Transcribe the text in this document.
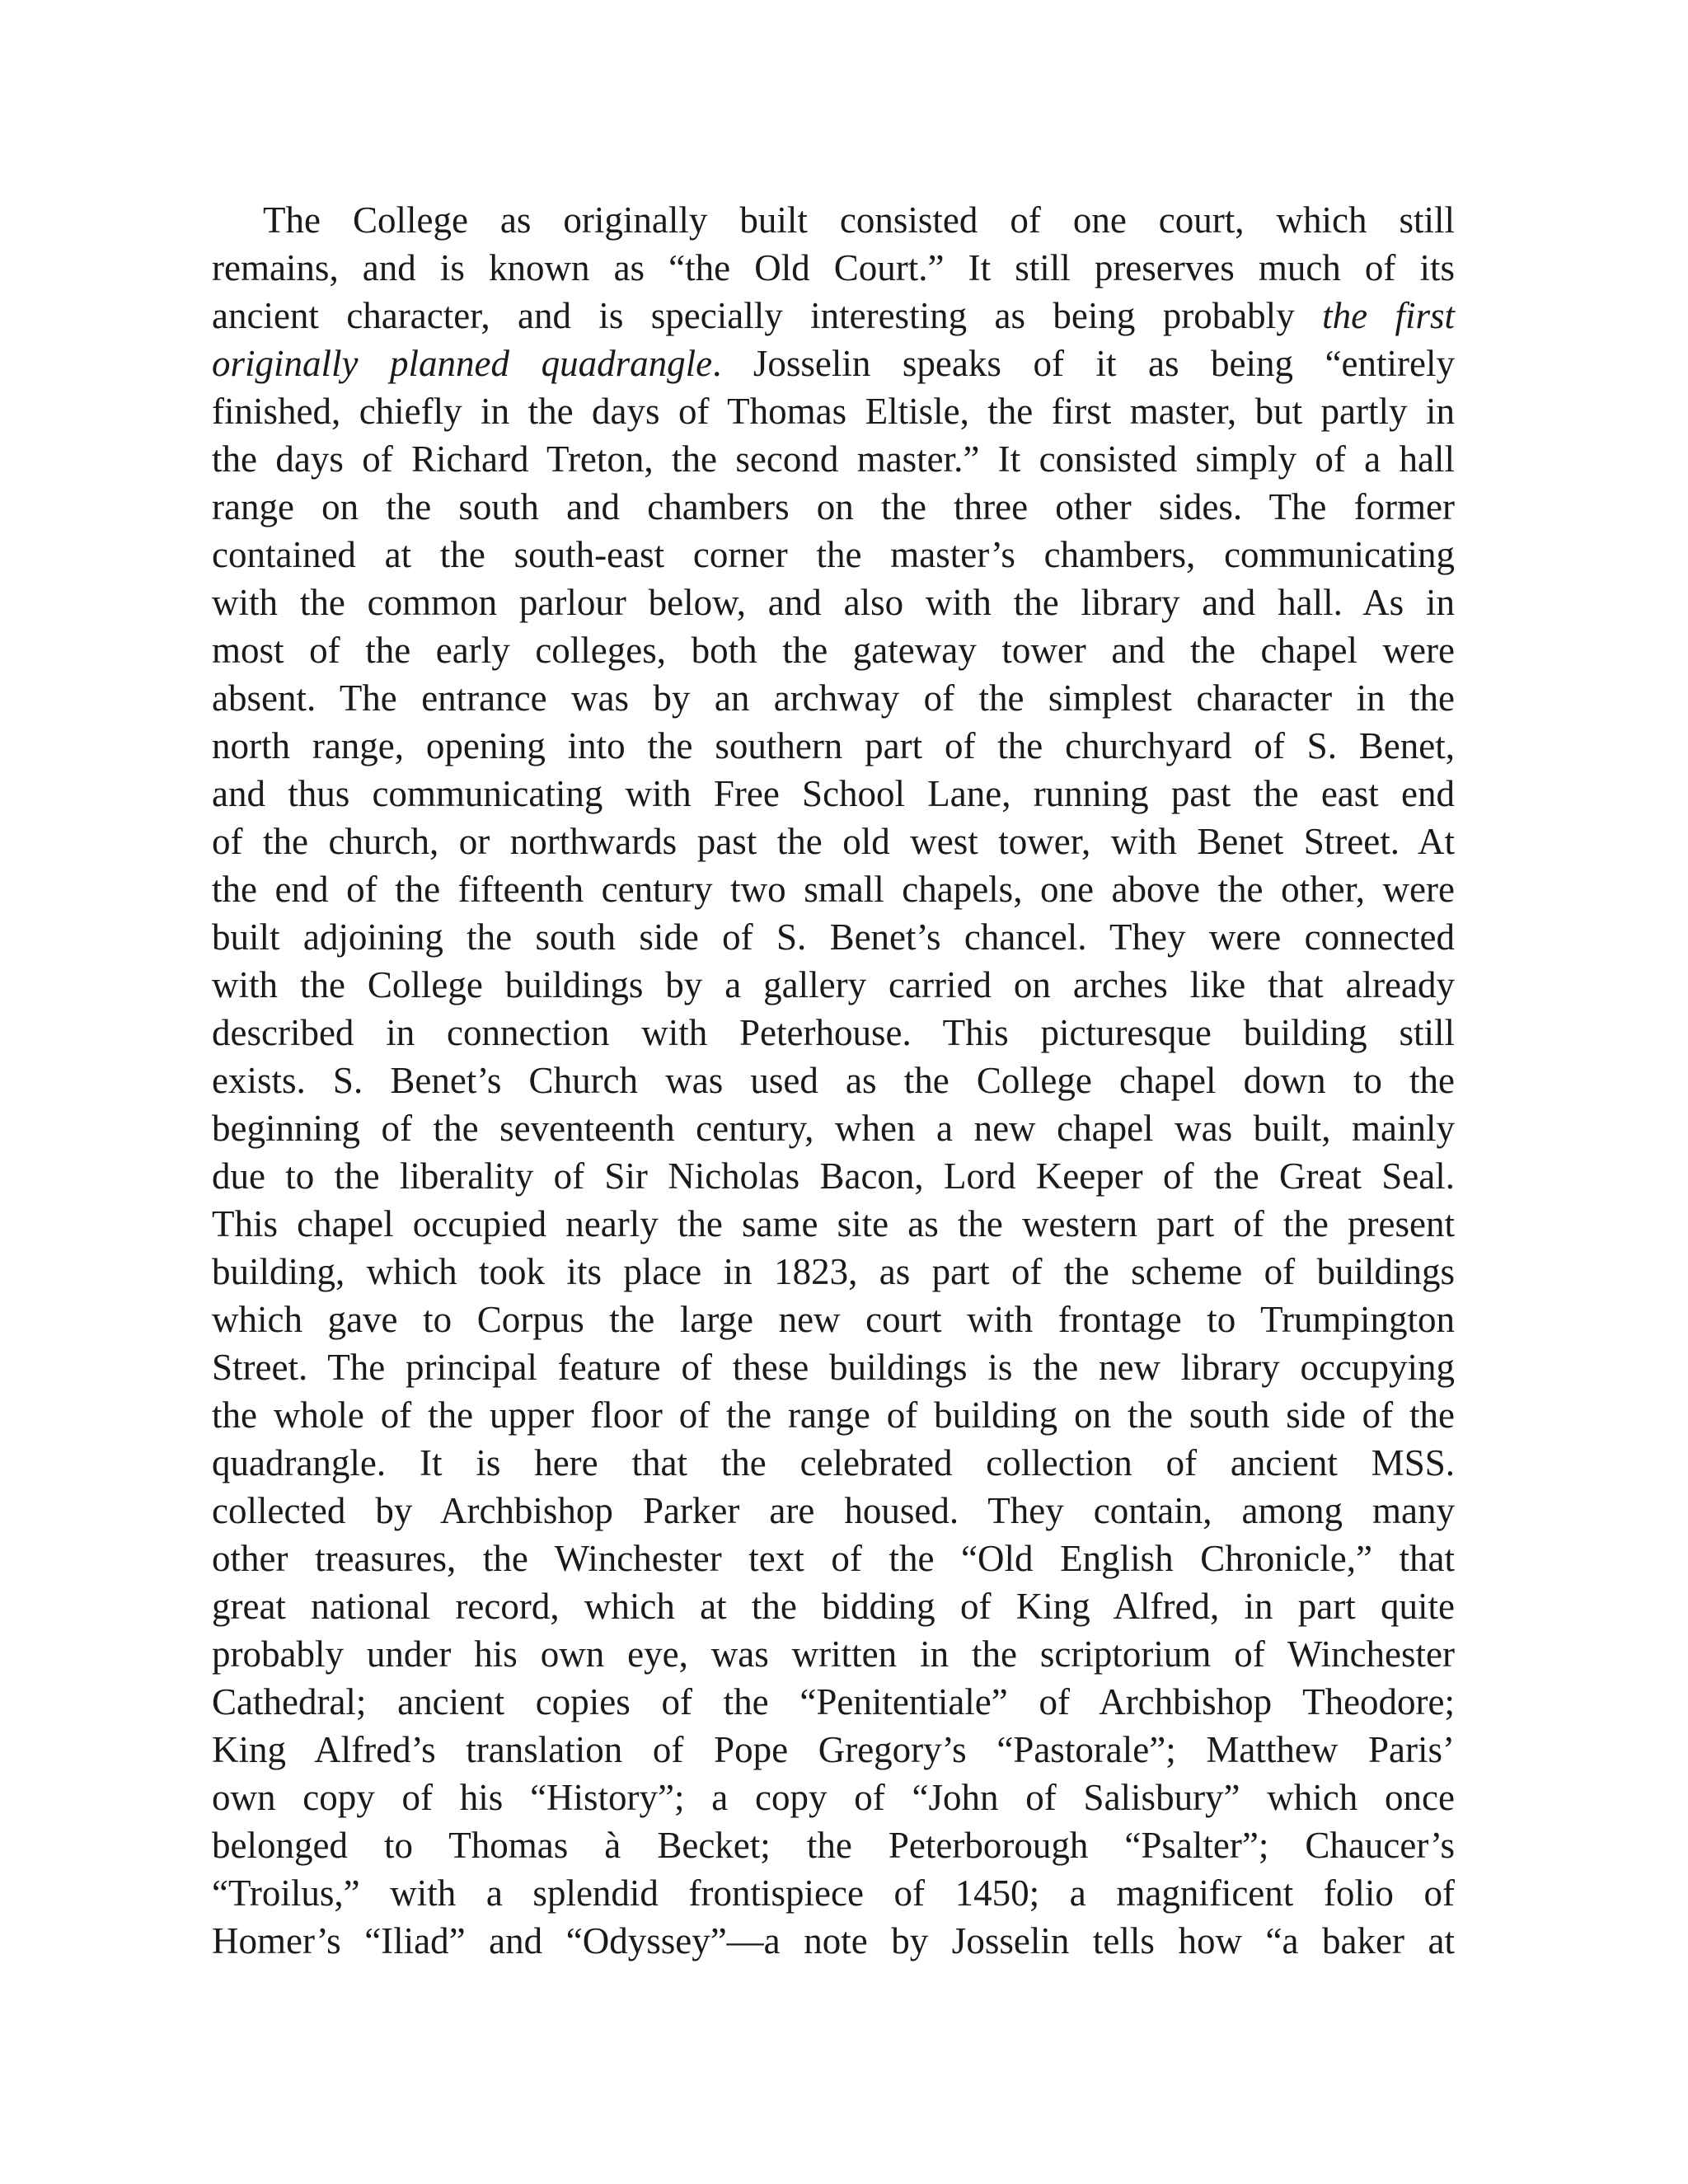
The College as originally built consisted of one court, which still
remains, and is known as “the Old Court.” It still preserves much of its
ancient character, and is specially interesting as being probably the first
originally planned quadrangle. Josselin speaks of it as being “entirely
finished, chiefly in the days of Thomas Eltisle, the first master, but partly in
the days of Richard Treton, the second master.” It consisted simply of a hall
range on the south and chambers on the three other sides. The former
contained at the south-east corner the master’s chambers, communicating
with the common parlour below, and also with the library and hall. As in
most of the early colleges, both the gateway tower and the chapel were
absent. The entrance was by an archway of the simplest character in the
north range, opening into the southern part of the churchyard of S. Benet,
and thus communicating with Free School Lane, running past the east end
of the church, or northwards past the old west tower, with Benet Street. At
the end of the fifteenth century two small chapels, one above the other, were
built adjoining the south side of S. Benet’s chancel. They were connected
with the College buildings by a gallery carried on arches like that already
described in connection with Peterhouse. This picturesque building still
exists. S. Benet’s Church was used as the College chapel down to the
beginning of the seventeenth century, when a new chapel was built, mainly
due to the liberality of Sir Nicholas Bacon, Lord Keeper of the Great Seal.
This chapel occupied nearly the same site as the western part of the present
building, which took its place in 1823, as part of the scheme of buildings
which gave to Corpus the large new court with frontage to Trumpington
Street. The principal feature of these buildings is the new library occupying
the whole of the upper floor of the range of building on the south side of the
quadrangle. It is here that the celebrated collection of ancient MSS.
collected by Archbishop Parker are housed. They contain, among many
other treasures, the Winchester text of the “Old English Chronicle,” that
great national record, which at the bidding of King Alfred, in part quite
probably under his own eye, was written in the scriptorium of Winchester
Cathedral; ancient copies of the “Penitentiale” of Archbishop Theodore;
King Alfred’s translation of Pope Gregory’s “Pastorale”; Matthew Paris’
own copy of his “History”; a copy of “John of Salisbury” which once
belonged to Thomas à Becket; the Peterborough “Psalter”; Chaucer’s
“Troilus,” with a splendid frontispiece of 1450; a magnificent folio of
Homer’s “Iliad” and “Odyssey”—a note by Josselin tells how “a baker at
